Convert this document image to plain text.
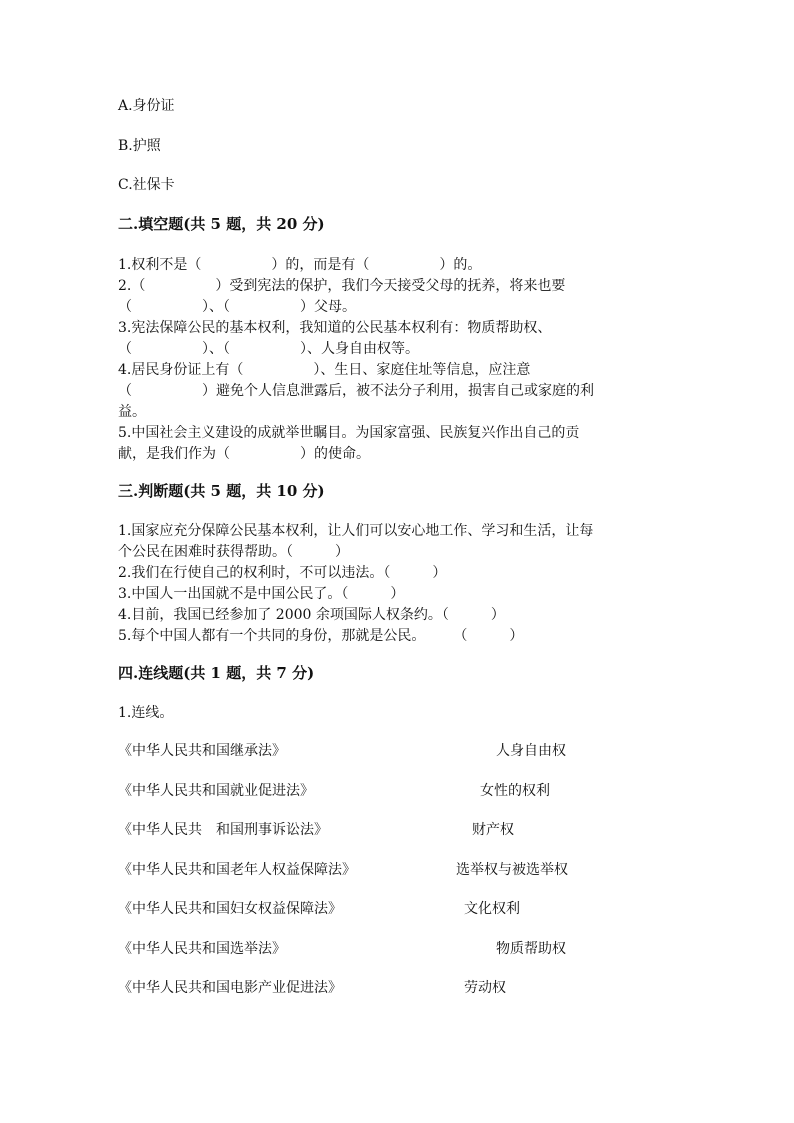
A.身份证
B.护照
C.社保卡
二.填空题(共 5 题，共 20 分)
1.权利不是（　　　　　）的，而是有（　　　　　）的。
2.（　　　　　）受到宪法的保护，我们今天接受父母的抚养，将来也要
（　　　　　）、（　　　　　）父母。
3.宪法保障公民的基本权利，我知道的公民基本权利有：物质帮助权、
（　　　　　）、（　　　　　）、人身自由权等。
4.居民身份证上有（　　　　　）、生日、家庭住址等信息，应注意
（　　　　　）避免个人信息泄露后，被不法分子利用，损害自己或家庭的利
益。
5.中国社会主义建设的成就举世瞩目。为国家富强、民族复兴作出自己的贡
献，是我们作为（　　　　　）的使命。
三.判断题(共 5 题，共 10 分)
1.国家应充分保障公民基本权利，让人们可以安心地工作、学习和生活，让每
个公民在困难时获得帮助。（　　　）
2.我们在行使自己的权利时，不可以违法。（　　　）
3.中国人一出国就不是中国公民了。（　　　）
4.目前，我国已经参加了 2000 余项国际人权条约。（　　　）
5.每个中国人都有一个共同的身份，那就是公民。　　　（　　　）
四.连线题(共 1 题，共 7 分)
1.连线。
《中华人民共和国继承法》
《中华人民共和国就业促进法》
《中华人民共　和国刑事诉讼法》
《中华人民共和国老年人权益保障法》
《中华人民共和国妇女权益保障法》
《中华人民共和国选举法》
《中华人民共和国电影产业促进法》
人身自由权
女性的权利
财产权
选举权与被选举权
文化权利
物质帮助权
劳动权
